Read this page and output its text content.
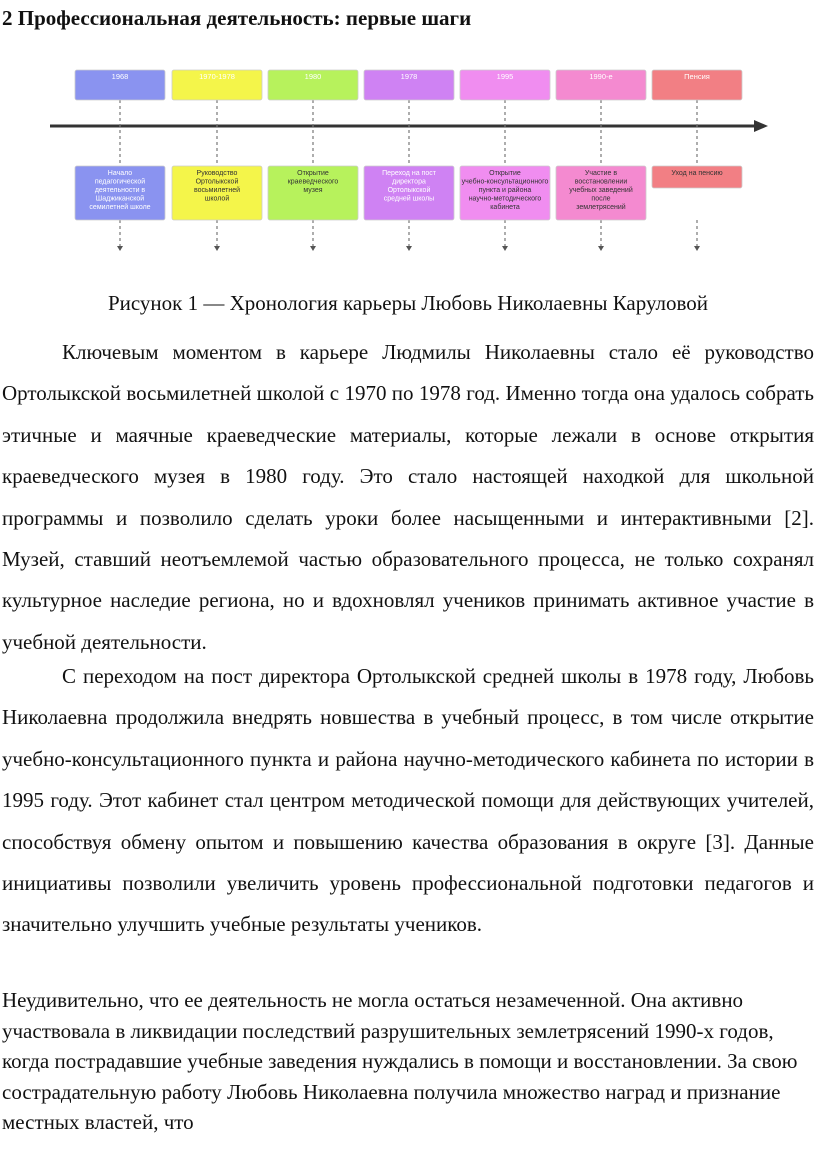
2 Профессиональная деятельность: первые шаги
1968
Начало
педагогической
деятельности в
Шаджиканской
семилетней школе
1970-1978
Руководство
Ортолыкской
восьмилетней
школой
1980
Открытие
краеведческого
музея
1978
Переход на пост
директора
Ортолыкской
средней школы
1995
Открытие
учебно-консультационного
пункта и района
научно-методического
кабинета
1990-е
Участие в
восстановлении
учебных заведений
после
землетрясений
Пенсия
Уход на пенсию
Рисунок 1 — Хронология карьеры Любовь Николаевны Каруловой

Ключевым моментом в карьере Людмилы Николаевны стало её руководство Ортолыкской восьмилетней школой с 1970 по 1978 год. Именно тогда она удалось собрать этичные и маячные краеведческие материалы, которые лежали в основе открытия краеведческого музея в 1980 году. Это стало настоящей находкой для школьной программы и позволило сделать уроки более насыщенными и интерактивными [2]. Музей, ставший неотъемлемой частью образовательного процесса, не только сохранял культурное наследие региона, но и вдохновлял учеников принимать активное участие в учебной деятельности.

С переходом на пост директора Ортолыкской средней школы в 1978 году, Любовь Николаевна продолжила внедрять новшества в учебный процесс, в том числе открытие учебно-консультационного пункта и района научно-методического кабинета по истории в 1995 году. Этот кабинет стал центром методической помощи для действующих учителей, способствуя обмену опытом и повышению качества образования в округе [3]. Данные инициативы позволили увеличить уровень профессиональной подготовки педагогов и значительно улучшить учебные результаты учеников.

Неудивительно, что ее деятельность не могла остаться незамеченной. Она активно участвовала в ликвидации последствий разрушительных землетрясений 1990-х годов, когда пострадавшие учебные заведения нуждались в помощи и восстановлении. За свою сострадательную работу Любовь Николаевна получила множество наград и признание местных властей, что
